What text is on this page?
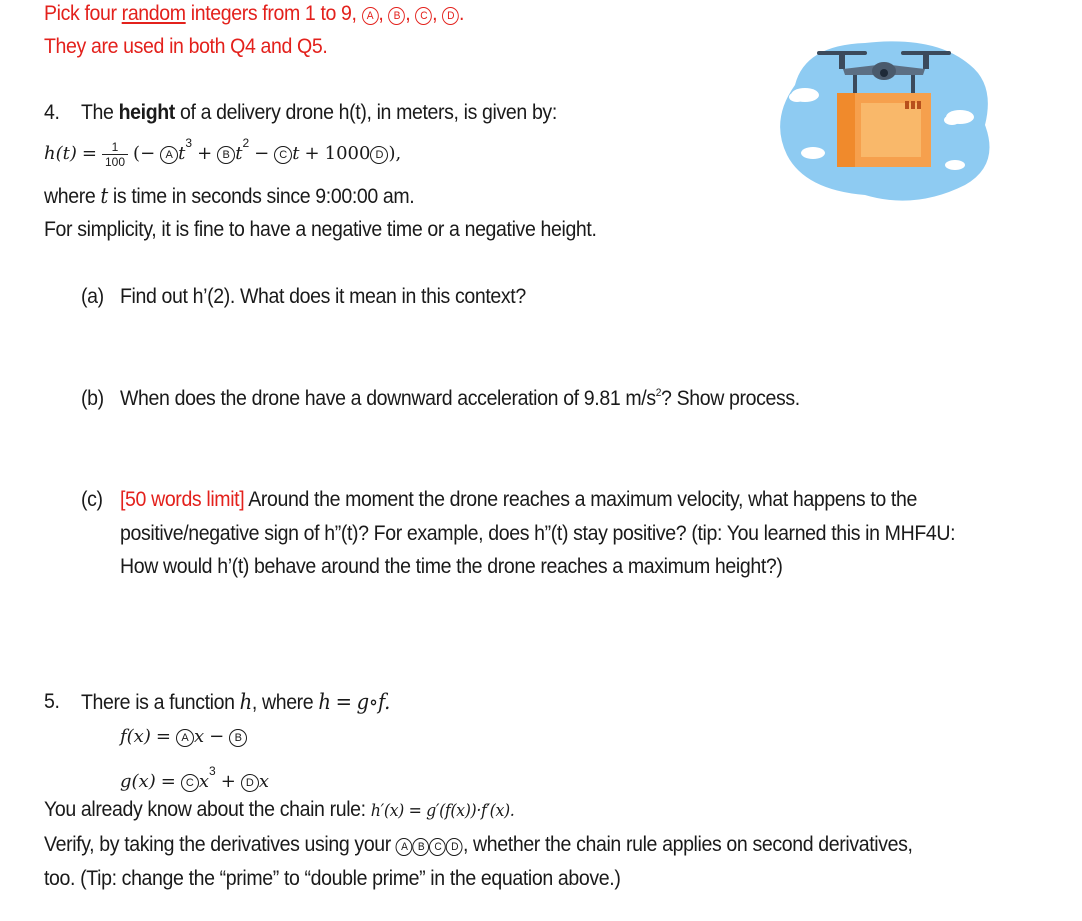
Pick four random integers from 1 to 9, A , B , C , D .
They are used in both Q4 and Q5.
4. The height of a delivery drone h(t), in meters, is given by:
$h(t) = \frac{1}{100}$ (− A $t^3 + B$ $t^2 - C$ t + 1000 D ),
where t is time in seconds since 9:00:00 am.
For simplicity, it is fine to have a negative time or a negative height.
(a) Find out h’(2). What does it mean in this context?
(b) When does the drone have a downward acceleration of 9.81 $m/s^2$? Show process.
(c) [50 words limit] Around the moment the drone reaches a maximum velocity, what happens to the
positive/negative sign of h”(t)? For example, does h”(t) stay positive? (tip: You learned this in MHF4U:
How would h’(t) behave around the time the drone reaches a maximum height?)
5. There is a function h, where h = g∘f.
f(x) = A x − B
g(x) = C $x^3 + D$ x
You already know about the chain rule: h′(x) = g′(f(x))·f′(x).
Verify, by taking the derivatives using your A B C D , whether the chain rule applies on second derivatives,
too. (Tip: change the “prime” to “double prime” in the equation above.)
